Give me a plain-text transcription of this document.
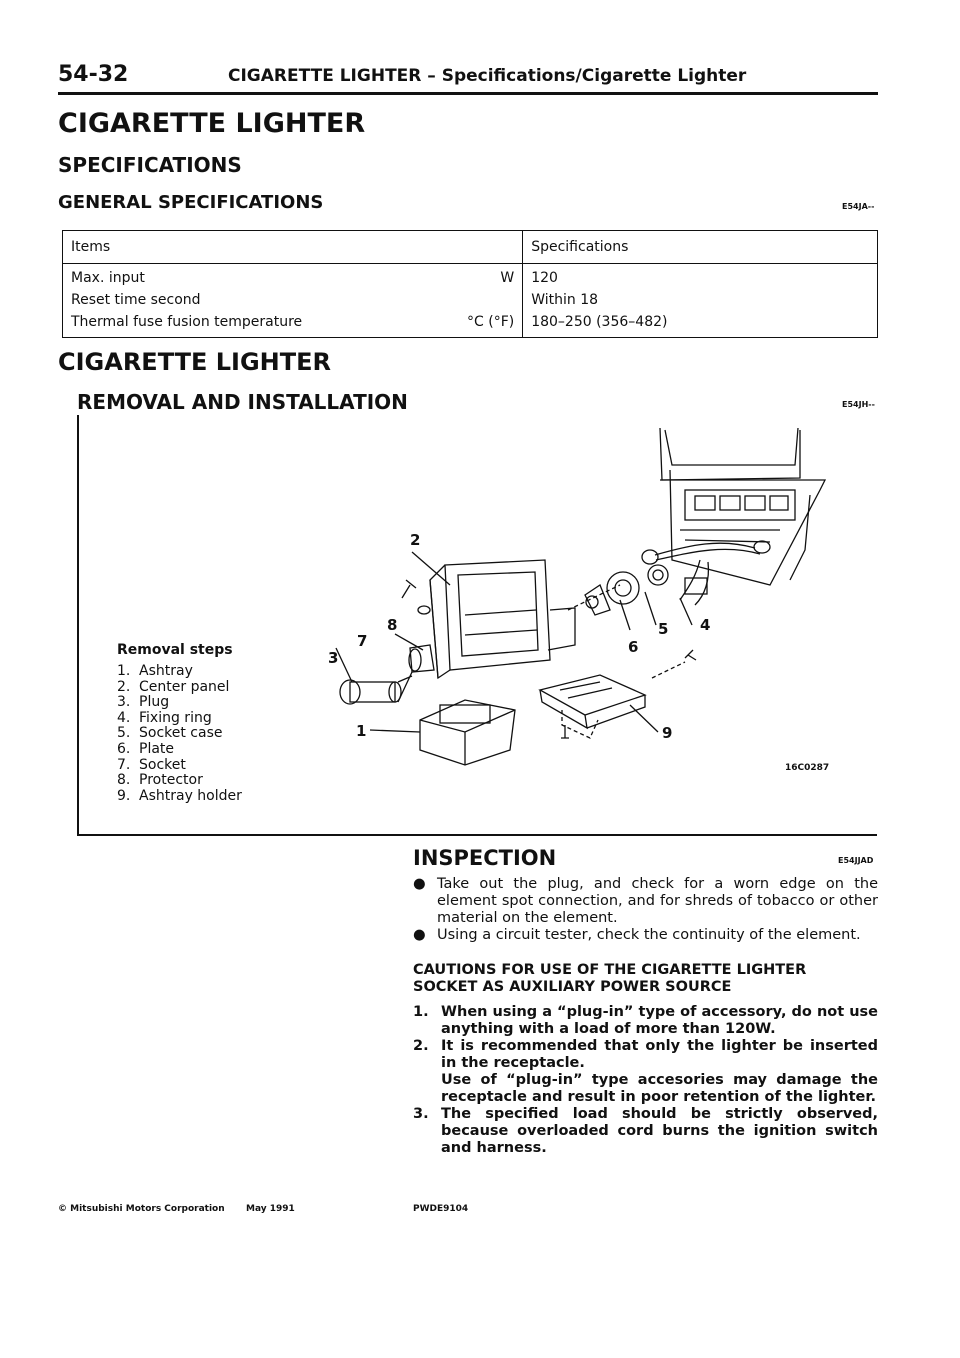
54-32	CIGARETTE LIGHTER – Specifications/Cigarette Lighter
CIGARETTE LIGHTER
SPECIFICATIONS
GENERAL SPECIFICATIONS	E54JA--
Items		Specifications
Max. input	W	120
Reset time second		Within 18
Thermal fuse fusion temperature	°C (°F)	180–250 (356–482)
CIGARETTE LIGHTER
REMOVAL AND INSTALLATION	E54JH--
Removal steps
1. Ashtray
2. Center panel
3. Plug
4. Fixing ring
5. Socket case
6. Plate
7. Socket
8. Protector
9. Ashtray holder
2
8
7
3
4
5
6
9
1
16C0287
INSPECTION	E54JJAD
● Take out the plug, and check for a worn edge on the element spot connection, and for shreds of tobacco or other material on the element.
● Using a circuit tester, check the continuity of the element.
CAUTIONS FOR USE OF THE CIGARETTE LIGHTER
SOCKET AS AUXILIARY POWER SOURCE
1. When using a “plug-in” type of accessory, do not use anything with a load of more than 120W.
2. It is recommended that only the lighter be inserted in the receptacle.
Use of “plug-in” type accesories may damage the receptacle and result in poor retention of the lighter.
3. The specified load should be strictly observed, because overloaded cord burns the ignition switch and harness.
© Mitsubishi Motors Corporation May 1991	PWDE9104
